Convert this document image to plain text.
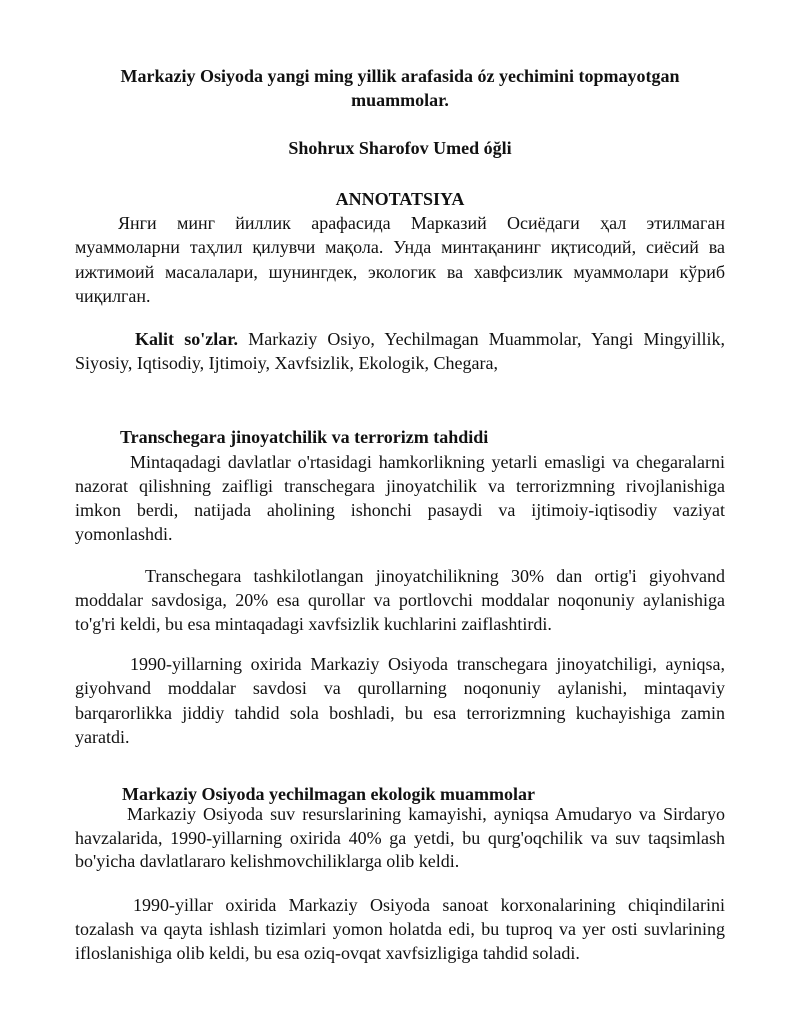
Markaziy Osiyoda yangi ming yillik arafasida óz yechimini topmayotgan
muammolar.
Shohrux Sharofov Umed óğli
ANNOTATSIYA
Янги минг йиллик арафасида Марказий Осиёдаги ҳал этилмаган
муаммоларни таҳлил қилувчи мақола. Унда минтақанинг иқтисодий, сиёсий ва
ижтимоий масалалари, шунингдек, экологик ва хавфсизлик муаммолари кўриб
чиқилган.
Kalit so'zlar. Markaziy Osiyo, Yechilmagan Muammolar, Yangi Mingyillik,
Siyosiy, Iqtisodiy, Ijtimoiy, Xavfsizlik, Ekologik, Chegara,
Transchegara jinoyatchilik va terrorizm tahdidi
Mintaqadagi davlatlar o'rtasidagi hamkorlikning yetarli emasligi va chegaralarni
nazorat qilishning zaifligi transchegara jinoyatchilik va terrorizmning rivojlanishiga
imkon berdi, natijada aholining ishonchi pasaydi va ijtimoiy-iqtisodiy vaziyat
yomonlashdi.
Transchegara tashkilotlangan jinoyatchilikning 30% dan ortig'i giyohvand
moddalar savdosiga, 20% esa qurollar va portlovchi moddalar noqonuniy aylanishiga
to'g'ri keldi, bu esa mintaqadagi xavfsizlik kuchlarini zaiflashtirdi.
1990-yillarning oxirida Markaziy Osiyoda transchegara jinoyatchiligi, ayniqsa,
giyohvand moddalar savdosi va qurollarning noqonuniy aylanishi, mintaqaviy
barqarorlikka jiddiy tahdid sola boshladi, bu esa terrorizmning kuchayishiga zamin
yaratdi.
Markaziy Osiyoda yechilmagan ekologik muammolar
Markaziy Osiyoda suv resurslarining kamayishi, ayniqsa Amudaryo va Sirdaryo
havzalarida, 1990-yillarning oxirida 40% ga yetdi, bu qurg'oqchilik va suv taqsimlash
bo'yicha davlatlararo kelishmovchiliklarga olib keldi.
1990-yillar oxirida Markaziy Osiyoda sanoat korxonalarining chiqindilarini
tozalash va qayta ishlash tizimlari yomon holatda edi, bu tuproq va yer osti suvlarining
ifloslanishiga olib keldi, bu esa oziq-ovqat xavfsizligiga tahdid soladi.
